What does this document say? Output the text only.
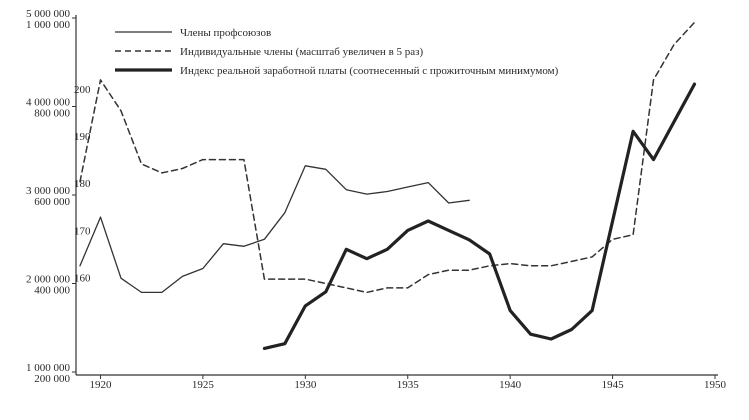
1 000 000
2 000 000
3 000 000
4 000 000
5 000 000
200 000
400 000
600 000
800 000
1 000 000
160
170
180
190
200
1920	1925	1930	1935	1940	1945	1950
Члены профсоюзов
Индивидуальные члены (масштаб увеличен в 5 раз)
Индекс реальной заработной платы (соотнесенный с прожиточным минимумом)
